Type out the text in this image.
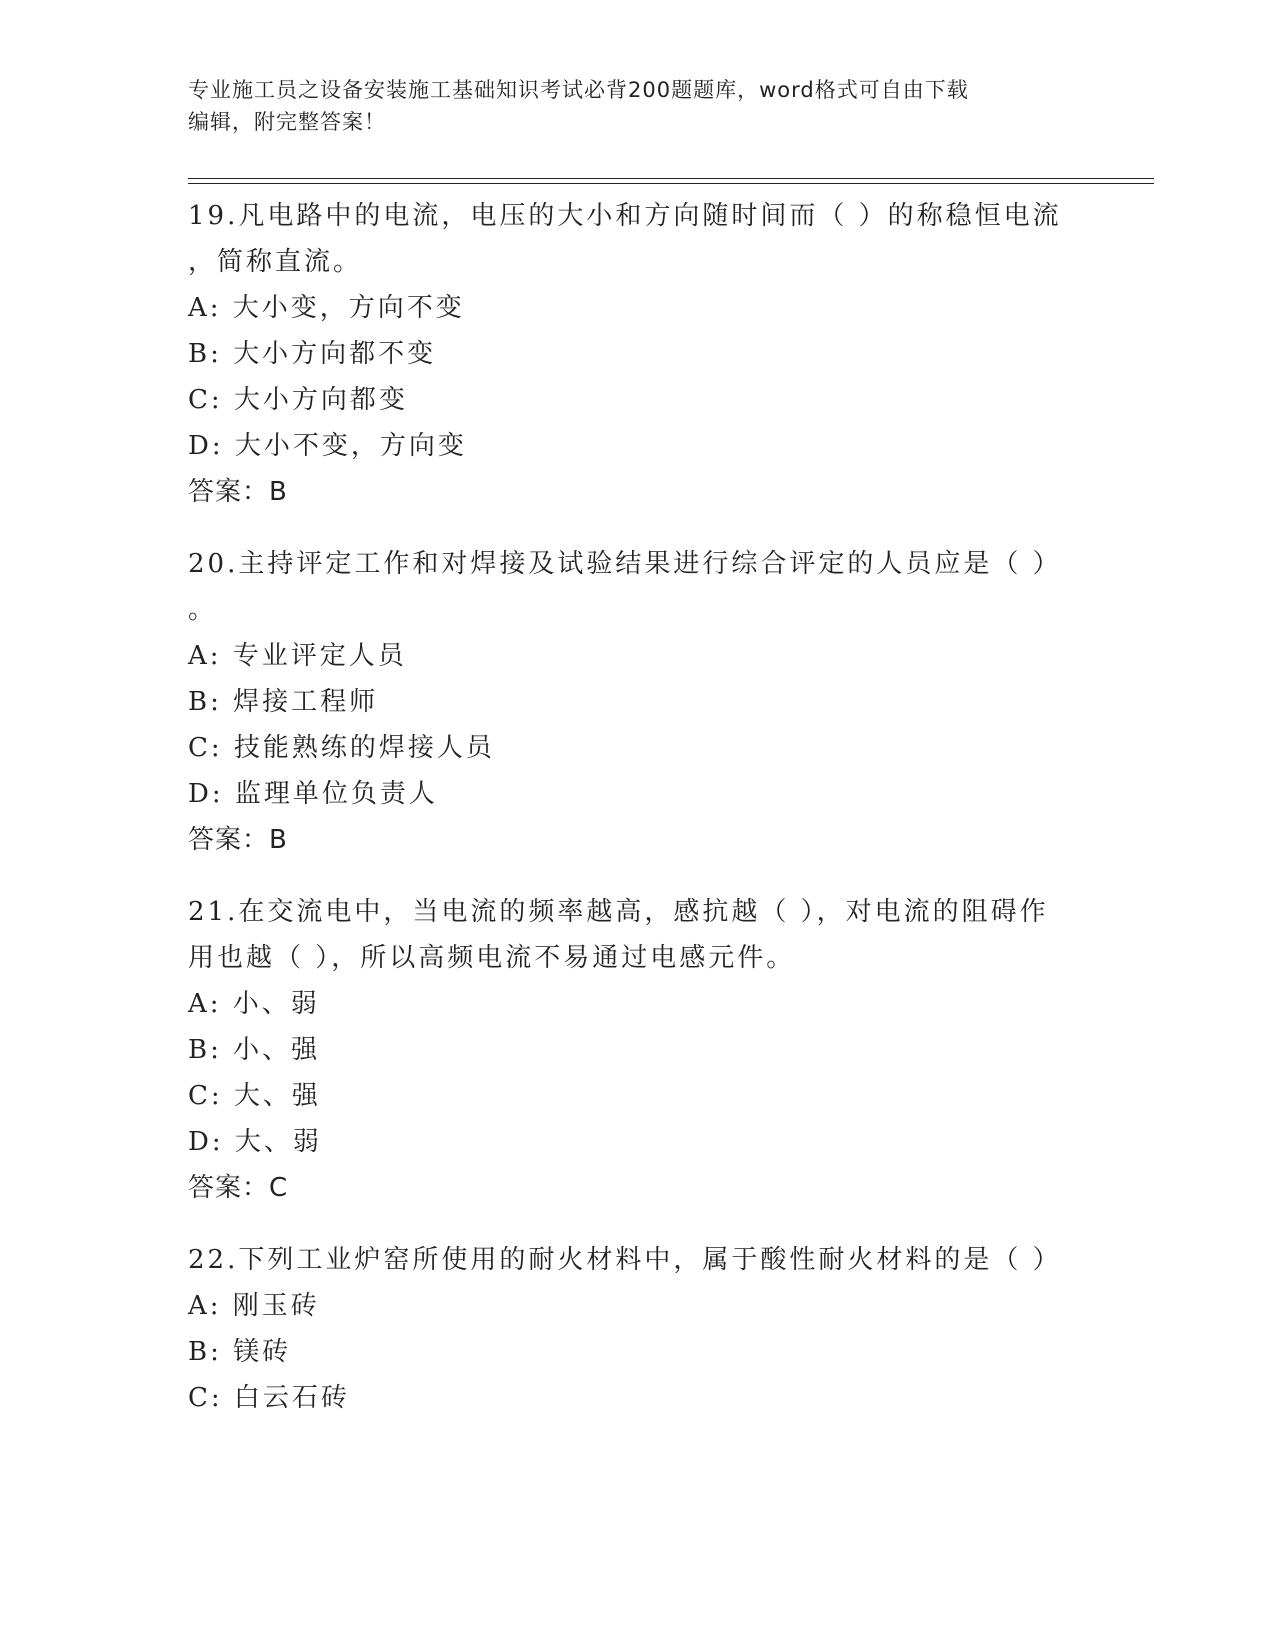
专业施工员之设备安装施工基础知识考试必背200题题库，word格式可自由下载
编辑，附完整答案！
19.凡电路中的电流，电压的大小和方向随时间而（ ）的称稳恒电流
，简称直流。
A: 大小变，方向不变
B: 大小方向都不变
C: 大小方向都变
D: 大小不变，方向变
答案：B
20.主持评定工作和对焊接及试验结果进行综合评定的人员应是（ ）
。
A: 专业评定人员
B: 焊接工程师
C: 技能熟练的焊接人员
D: 监理单位负责人
答案：B
21.在交流电中，当电流的频率越高，感抗越（ ），对电流的阻碍作
用也越（ ），所以高频电流不易通过电感元件。
A: 小、弱
B: 小、强
C: 大、强
D: 大、弱
答案：C
22.下列工业炉窑所使用的耐火材料中，属于酸性耐火材料的是（ ）
A: 刚玉砖
B: 镁砖
C: 白云石砖
